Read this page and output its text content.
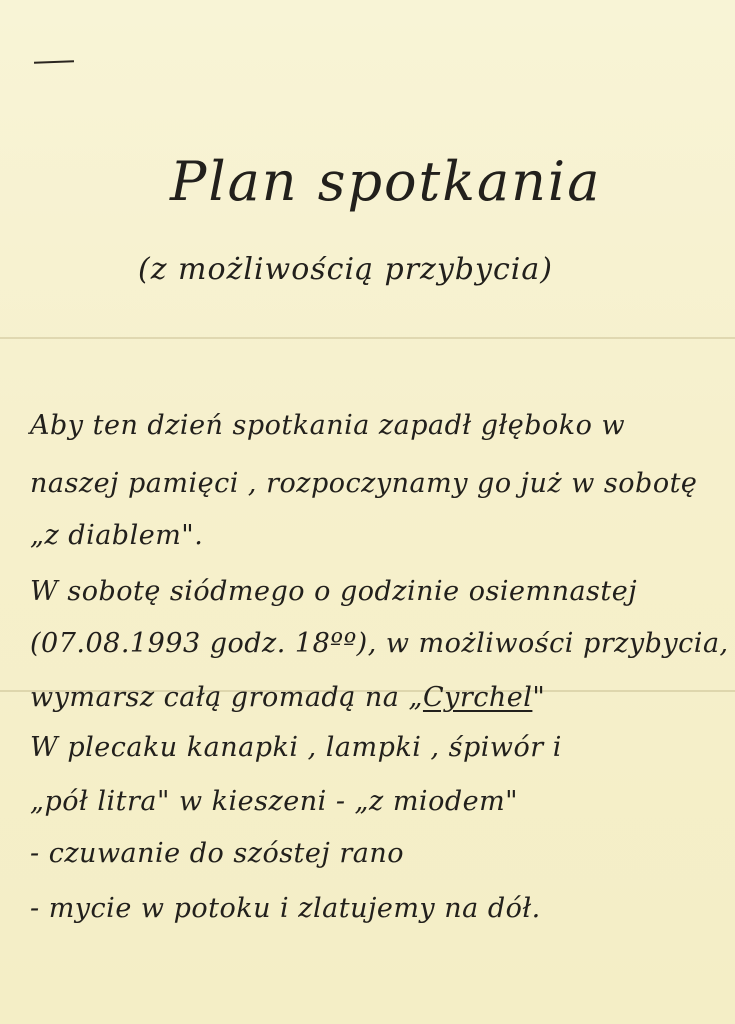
Plan spotkania
(z możliwością przybycia)
Aby ten dzień spotkania zapadł głęboko w
naszej pamięci , rozpoczynamy go już w sobotę
„z diablem".
W sobotę siódmego o godzinie osiemnastej
(07.08.1993 godz. 18ºº), w możliwości przybycia,
wymarsz całą gromadą na „Cyrchel"
W plecaku kanapki , lampki , śpiwór i
„pół litra" w kieszeni - „z miodem"
- czuwanie do szóstej rano
- mycie w potoku i zlatujemy na dół.
